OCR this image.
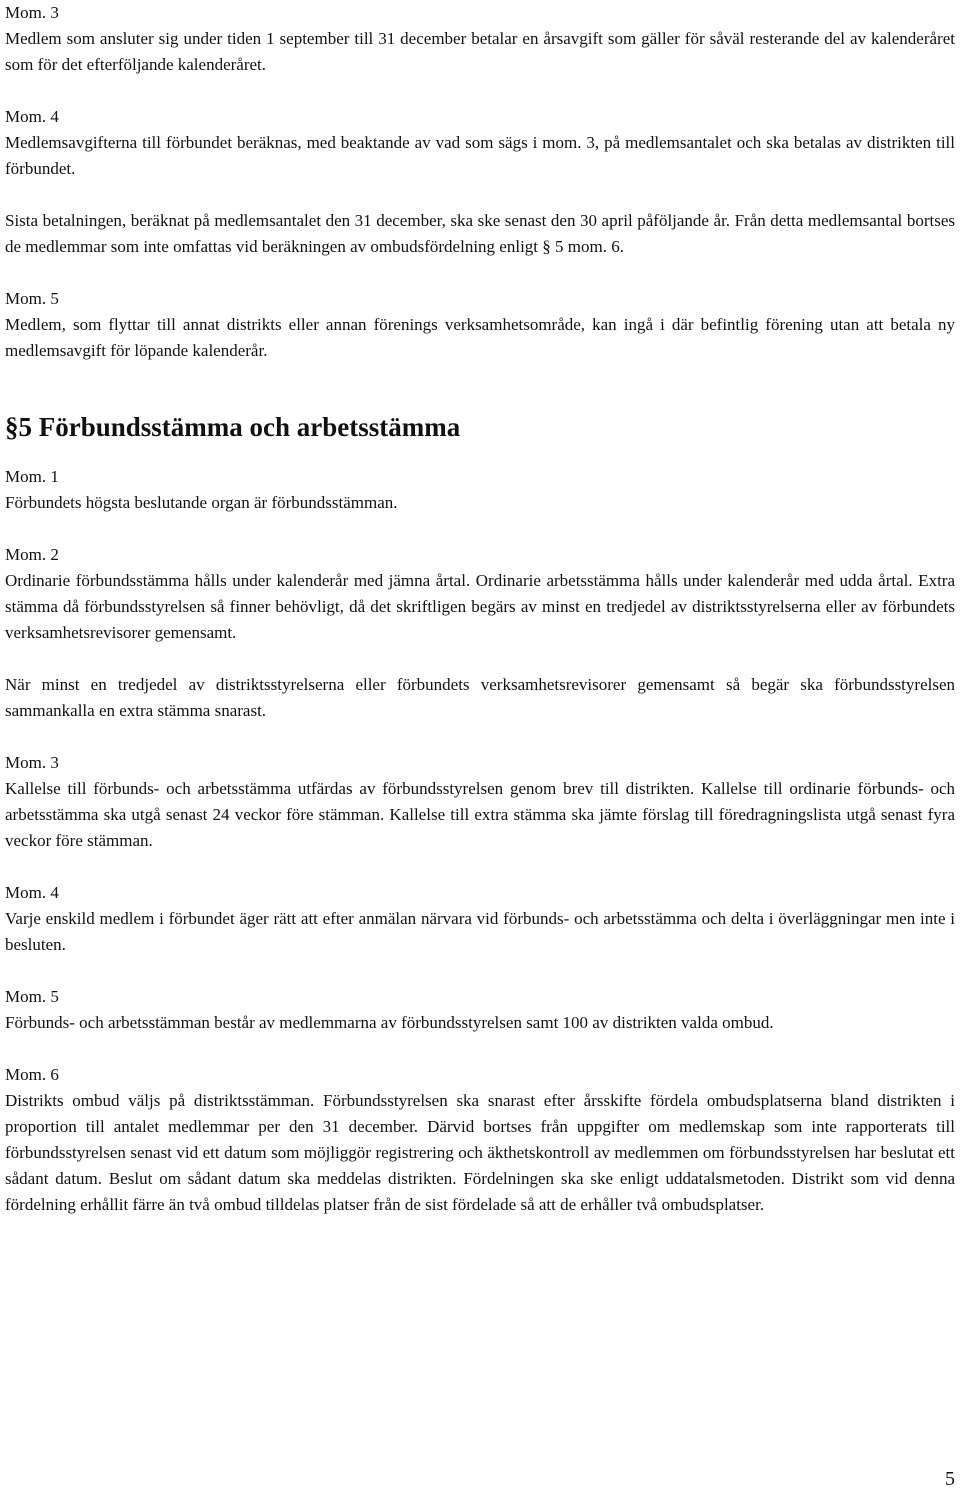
Mom. 3

Medlem som ansluter sig under tiden 1 september till 31 december betalar en årsavgift som gäller för såväl resterande del av kalenderåret som för det efterföljande kalenderåret.

Mom. 4

Medlemsavgifterna till förbundet beräknas, med beaktande av vad som sägs i mom. 3, på medlemsantalet och ska betalas av distrikten till förbundet.

Sista betalningen, beräknat på medlemsantalet den 31 december, ska ske senast den 30 april påföljande år. Från detta medlemsantal bortses de medlemmar som inte omfattas vid beräkningen av ombudsfördelning enligt § 5 mom. 6.

Mom. 5

Medlem, som flyttar till annat distrikts eller annan förenings verksamhetsområde, kan ingå i där befintlig förening utan att betala ny medlemsavgift för löpande kalenderår.

§5 Förbundsstämma och arbetsstämma

Mom. 1

Förbundets högsta beslutande organ är förbundsstämman.

Mom. 2

Ordinarie förbundsstämma hålls under kalenderår med jämna årtal. Ordinarie arbetsstämma hålls under kalenderår med udda årtal. Extra stämma då förbundsstyrelsen så finner behövligt, då det skriftligen begärs av minst en tredjedel av distriktsstyrelserna eller av förbundets verksamhetsrevisorer gemensamt.

När minst en tredjedel av distriktsstyrelserna eller förbundets verksamhetsrevisorer gemensamt så begär ska förbundsstyrelsen sammankalla en extra stämma snarast.

Mom. 3

Kallelse till förbunds- och arbetsstämma utfärdas av förbundsstyrelsen genom brev till distrikten. Kallelse till ordinarie förbunds- och arbetsstämma ska utgå senast 24 veckor före stämman. Kallelse till extra stämma ska jämte förslag till föredragningslista utgå senast fyra veckor före stämman.

Mom. 4

Varje enskild medlem i förbundet äger rätt att efter anmälan närvara vid förbunds- och arbetsstämma och delta i överläggningar men inte i besluten.

Mom. 5

Förbunds- och arbetsstämman består av medlemmarna av förbundsstyrelsen samt 100 av distrikten valda ombud.

Mom. 6

Distrikts ombud väljs på distriktsstämman. Förbundsstyrelsen ska snarast efter årsskifte fördela ombudsplatserna bland distrikten i proportion till antalet medlemmar per den 31 december. Därvid bortses från uppgifter om medlemskap som inte rapporterats till förbundsstyrelsen senast vid ett datum som möjliggör registrering och äkthetskontroll av medlemmen om förbundsstyrelsen har beslutat ett sådant datum. Beslut om sådant datum ska meddelas distrikten. Fördelningen ska ske enligt uddatalsmetoden. Distrikt som vid denna fördelning erhållit färre än två ombud tilldelas platser från de sist fördelade så att de erhåller två ombudsplatser.

5
